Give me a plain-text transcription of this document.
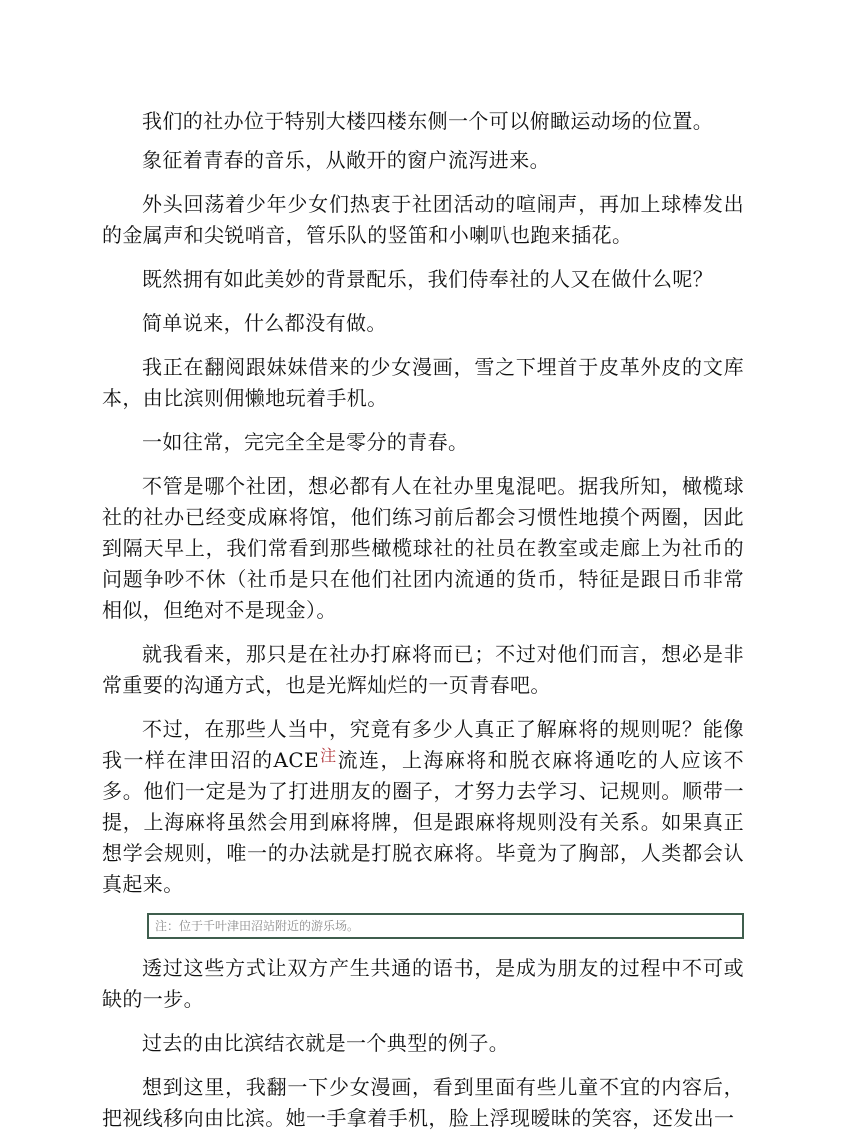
我们的社办位于特别大楼四楼东侧一个可以俯瞰运动场的位置。

象征着青春的音乐，从敞开的窗户流泻进来。

外头回荡着少年少女们热衷于社团活动的喧闹声，再加上球棒发出的金属声和尖锐哨音，管乐队的竖笛和小喇叭也跑来插花。

既然拥有如此美妙的背景配乐，我们侍奉社的人又在做什么呢？

简单说来，什么都没有做。

我正在翻阅跟妹妹借来的少女漫画，雪之下埋首于皮革外皮的文库本，由比滨则佣懒地玩着手机。

一如往常，完完全全是零分的青春。

不管是哪个社团，想必都有人在社办里鬼混吧。据我所知，橄榄球社的社办已经变成麻将馆，他们练习前后都会习惯性地摸个两圈，因此到隔天早上，我们常看到那些橄榄球社的社员在教室或走廊上为社币的问题争吵不休（社币是只在他们社团内流通的货币，特征是跟日币非常相似，但绝对不是现金）。

就我看来，那只是在社办打麻将而已；不过对他们而言，想必是非常重要的沟通方式，也是光辉灿烂的一页青春吧。

不过，在那些人当中，究竟有多少人真正了解麻将的规则呢？能像我一样在津田沼的ACE$^注$流连，上海麻将和脱衣麻将通吃的人应该不多。他们一定是为了打进朋友的圈子，才努力去学习、记规则。顺带一提，上海麻将虽然会用到麻将牌，但是跟麻将规则没有关系。如果真正想学会规则，唯一的办法就是打脱衣麻将。毕竟为了胸部，人类都会认真起来。

注：位于千叶津田沼站附近的游乐场。

透过这些方式让双方产生共通的语书，是成为朋友的过程中不可或缺的一步。

过去的由比滨结衣就是一个典型的例子。

想到这里，我翻一下少女漫画，看到里面有些儿童不宜的内容后，把视线移向由比滨。她一手拿着手机，脸上浮现暧昧的笑容，还发出一
